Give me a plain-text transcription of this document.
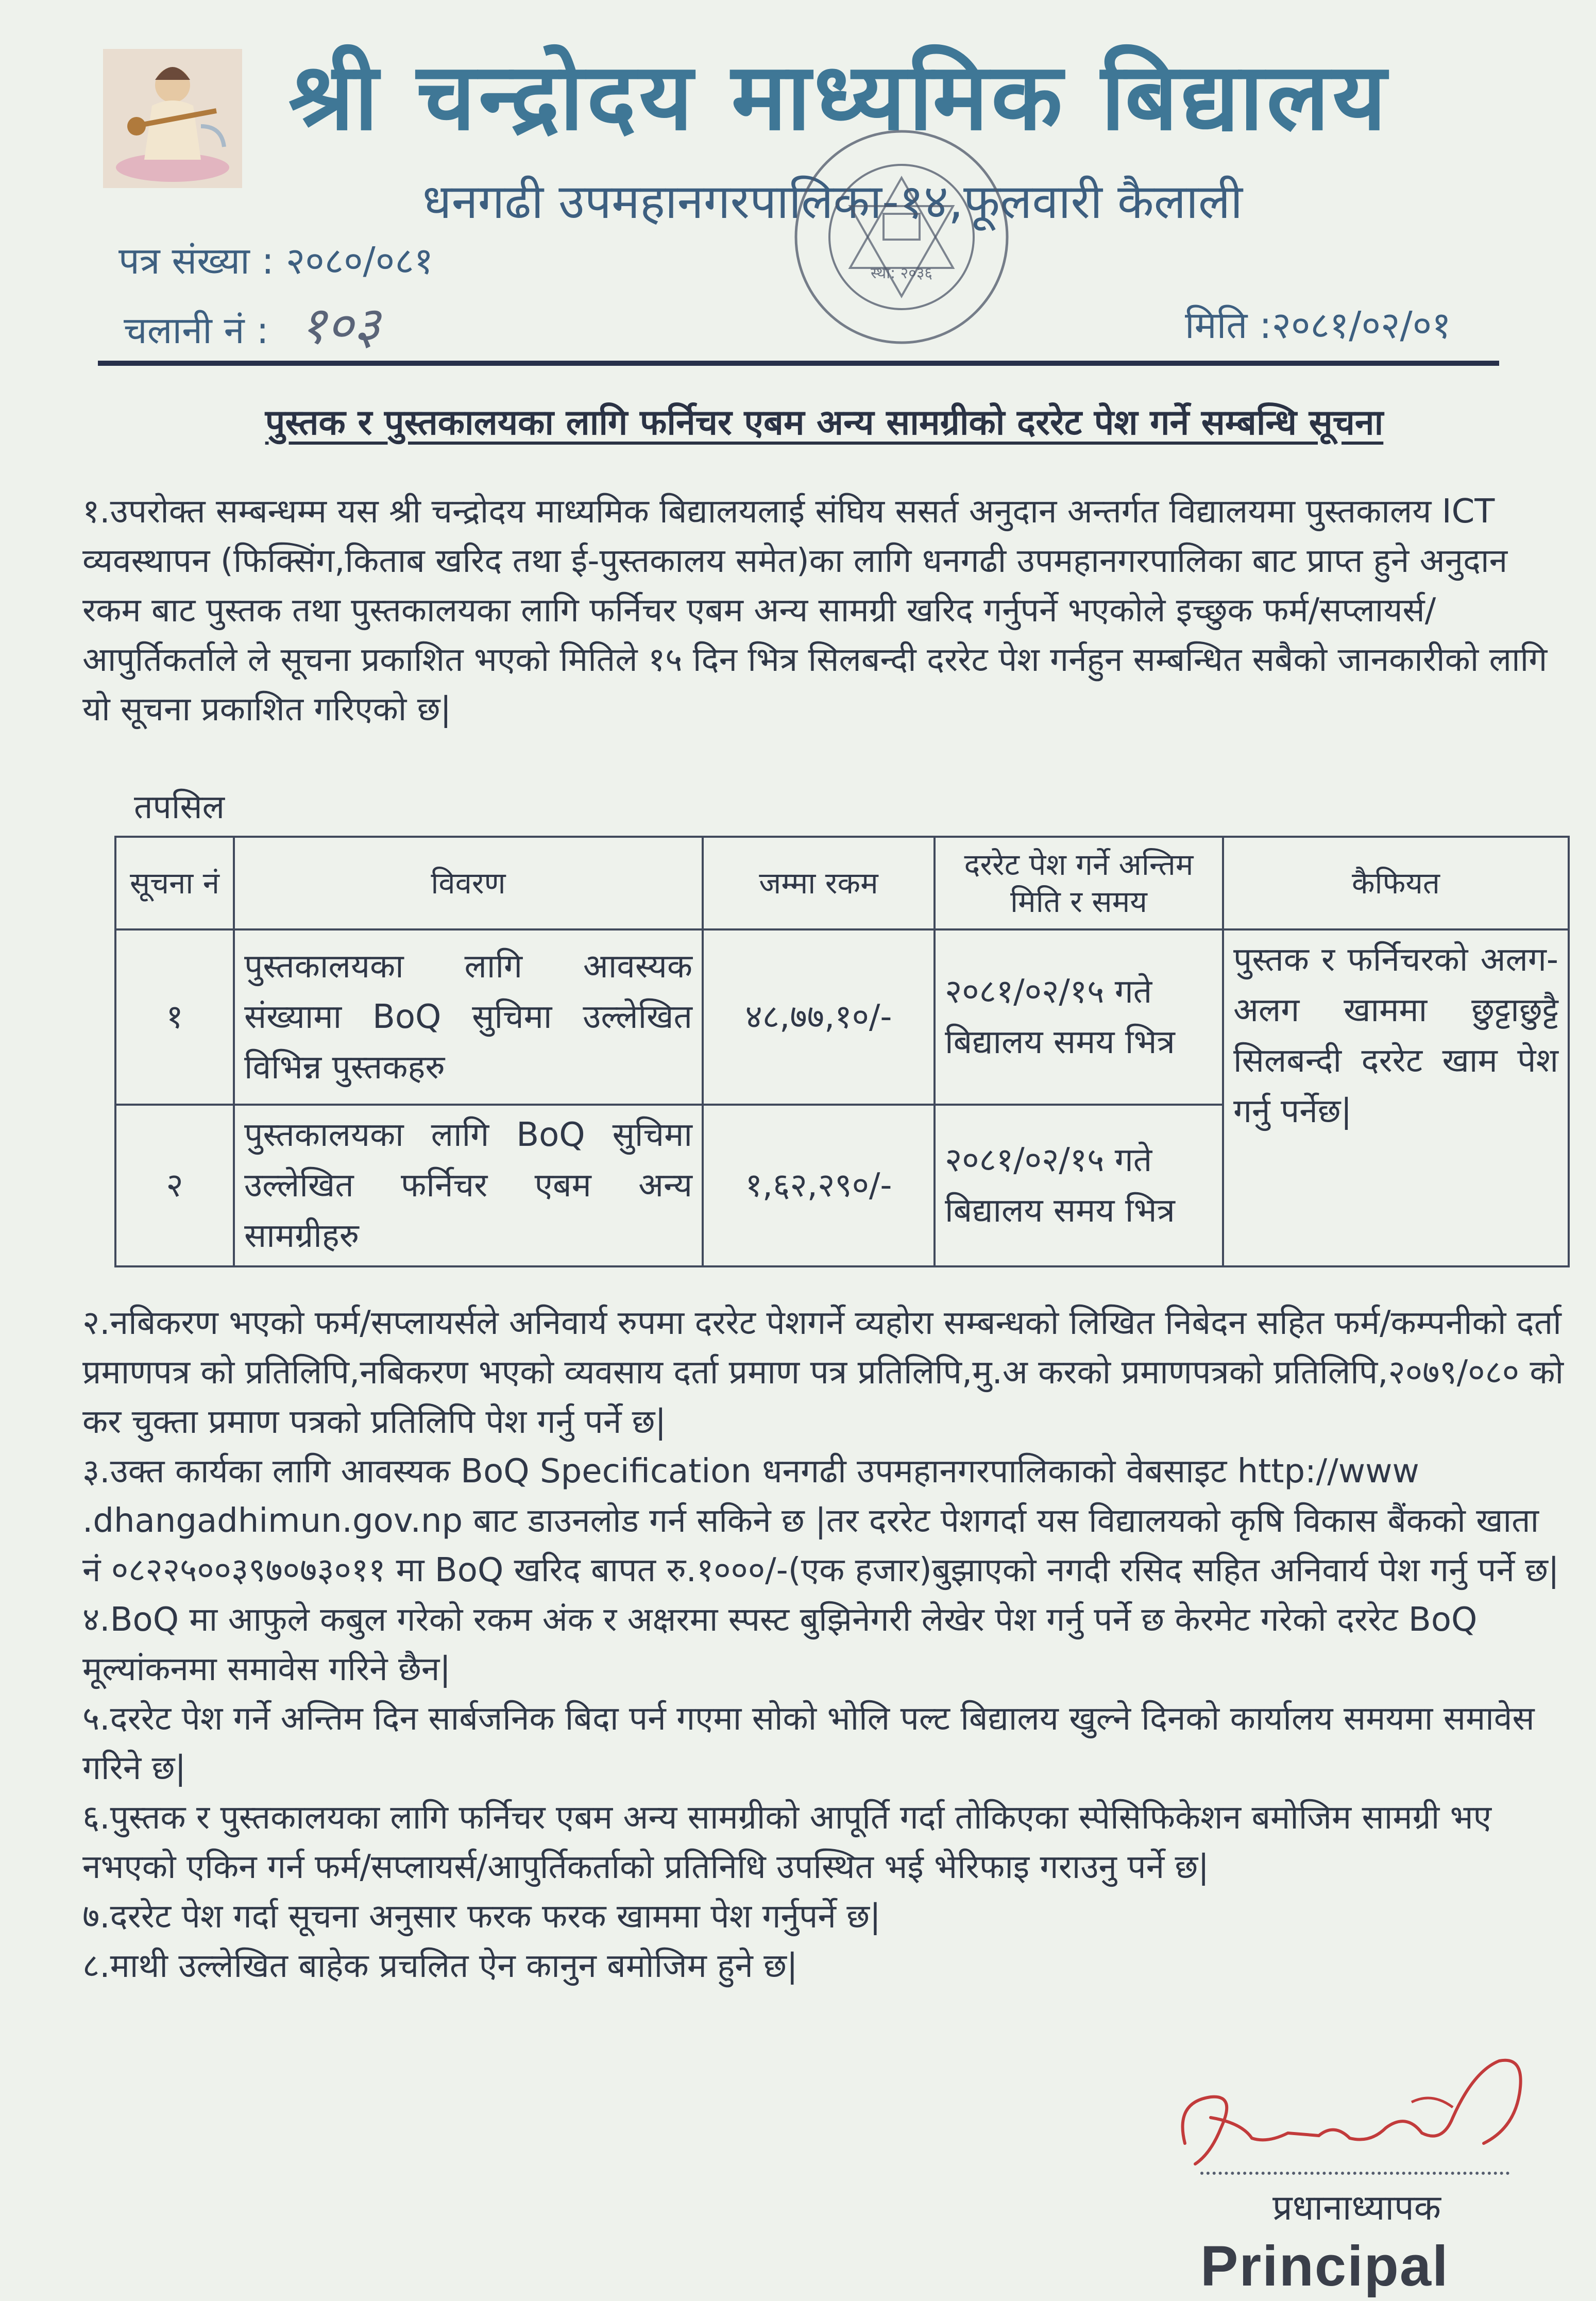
श्री चन्द्रोदय माध्यमिक बिद्यालय
धनगढी उपमहानगरपालिका-१४,फूलवारी कैलाली
स्था: २०३६
पत्र संख्या : २०८०/०८१
चलानी नं : १०३	मिति :२०८१/०२/०१
पुस्तक र पुस्तकालयका लागि फर्निचर एबम अन्य सामग्रीको दररेट पेश गर्ने सम्बन्धि सूचना
१.उपरोक्त सम्बन्धम्म यस श्री चन्द्रोदय माध्यमिक बिद्यालयलाई संघिय ससर्त अनुदान अन्तर्गत विद्यालयमा पुस्तकालय ICT व्यवस्थापन (फिक्सिंग,किताब खरिद तथा ई-पुस्तकालय समेत)का लागि धनगढी उपमहानगरपालिका बाट प्राप्त हुने अनुदान रकम बाट पुस्तक तथा पुस्तकालयका लागि फर्निचर एबम अन्य सामग्री खरिद गर्नुपर्ने भएकोले इच्छुक फर्म/सप्लायर्स/आपुर्तिकर्ताले ले सूचना प्रकाशित भएको मितिले १५ दिन भित्र सिलबन्दी दररेट पेश गर्नहुन सम्बन्धित सबैको जानकारीको लागि यो सूचना प्रकाशित गरिएको छ|
तपसिल
सूचना नं	विवरण	जम्मा रकम	दररेट पेश गर्ने अन्तिम मिति र समय	कैफियत
१	पुस्तकालयका लागि आवस्यक संख्यामा BoQ सुचिमा उल्लेखित विभिन्न पुस्तकहरु	४८,७७,१०/-	२०८१/०२/१५ गते बिद्यालय समय भित्र	पुस्तक र फर्निचरको अलग-अलग खाममा छुट्टाछुट्टै सिलबन्दी दररेट खाम पेश गर्नु पर्नेछ|
२	पुस्तकालयका लागि BoQ सुचिमा उल्लेखित फर्निचर एबम अन्य सामग्रीहरु	१,६२,२९०/-	२०८१/०२/१५ गते बिद्यालय समय भित्र	
२.नबिकरण भएको फर्म/सप्लायर्सले अनिवार्य रुपमा दररेट पेशगर्ने व्यहोरा सम्बन्धको लिखित निबेदन सहित फर्म/कम्पनीको दर्ता प्रमाणपत्र को प्रतिलिपि,नबिकरण भएको व्यवसाय दर्ता प्रमाण पत्र प्रतिलिपि,मु.अ करको प्रमाणपत्रको प्रतिलिपि,२०७९/०८० को कर चुक्ता प्रमाण पत्रको प्रतिलिपि पेश गर्नु पर्ने छ|
३.उक्त कार्यका लागि आवस्यक BoQ Specification धनगढी उपमहानगरपालिकाको वेबसाइट http://www .dhangadhimun.gov.np बाट डाउनलोड गर्न सकिने छ |तर दररेट पेशगर्दा यस विद्यालयको कृषि विकास बैंकको खाता नं ०८२२५००३९७०७३०११ मा BoQ खरिद बापत रु.१०००/-(एक हजार)बुझाएको नगदी रसिद सहित अनिवार्य पेश गर्नु पर्ने छ|
४.BoQ मा आफुले कबुल गरेको रकम अंक र अक्षरमा स्पस्ट बुझिनेगरी लेखेर पेश गर्नु पर्ने छ केरमेट गरेको दररेट BoQ मूल्यांकनमा समावेस गरिने छैन|
५.दररेट पेश गर्ने अन्तिम दिन सार्बजनिक बिदा पर्न गएमा सोको भोलि पल्ट बिद्यालय खुल्ने दिनको कार्यालय समयमा समावेस गरिने छ|
६.पुस्तक र पुस्तकालयका लागि फर्निचर एबम अन्य सामग्रीको आपूर्ति गर्दा तोकिएका स्पेसिफिकेशन बमोजिम सामग्री भए नभएको एकिन गर्न फर्म/सप्लायर्स/आपुर्तिकर्ताको प्रतिनिधि उपस्थित भई भेरिफाइ गराउनु पर्ने छ|
७.दररेट पेश गर्दा सूचना अनुसार फरक फरक खाममा पेश गर्नुपर्ने छ|
८.माथी उल्लेखित बाहेक प्रचलित ऐन कानुन बमोजिम हुने छ|
प्रधानाध्यापक
Principal
